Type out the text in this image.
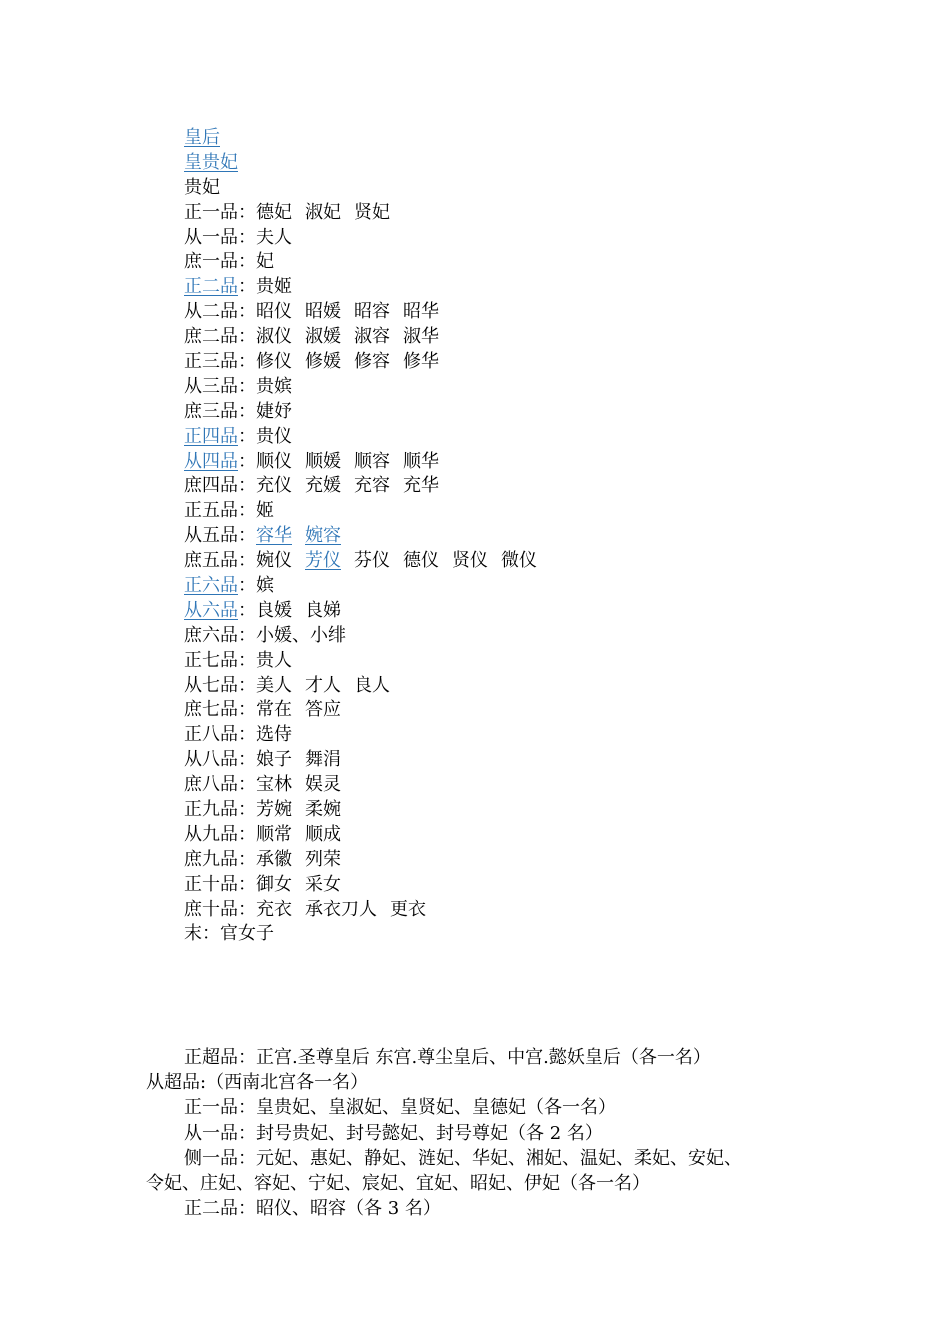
皇后
皇贵妃
贵妃
正一品：德妃 淑妃 贤妃
从一品：夫人
庶一品：妃
正二品：贵姬
从二品：昭仪 昭媛 昭容 昭华
庶二品：淑仪 淑媛 淑容 淑华
正三品：修仪 修媛 修容 修华
从三品：贵嫔
庶三品：婕妤
正四品：贵仪
从四品：顺仪 顺媛 顺容 顺华
庶四品：充仪 充媛 充容 充华
正五品：姬
从五品：容华 婉容
庶五品：婉仪 芳仪 芬仪 德仪 贤仪 微仪
正六品：嫔
从六品：良媛 良娣
庶六品：小媛、小绯
正七品：贵人
从七品：美人 才人 良人
庶七品：常在 答应
正八品：选侍
从八品：娘子 舞涓
庶八品：宝林 娱灵
正九品：芳婉 柔婉
从九品：顺常 顺成
庶九品：承徽 列荣
正十品：御女 采女
庶十品：充衣 承衣刀人 更衣
末：官女子
正超品：正宫.圣尊皇后 东宫.尊尘皇后、中宫.懿妖皇后（各一名）
从超品:（西南北宫各一名）
正一品：皇贵妃、皇淑妃、皇贤妃、皇德妃（各一名）
从一品：封号贵妃、封号懿妃、封号尊妃（各 2 名）
侧一品：元妃、惠妃、静妃、涟妃、华妃、湘妃、温妃、柔妃、安妃、
令妃、庄妃、容妃、宁妃、宸妃、宜妃、昭妃、伊妃（各一名）
正二品：昭仪、昭容（各 3 名）
